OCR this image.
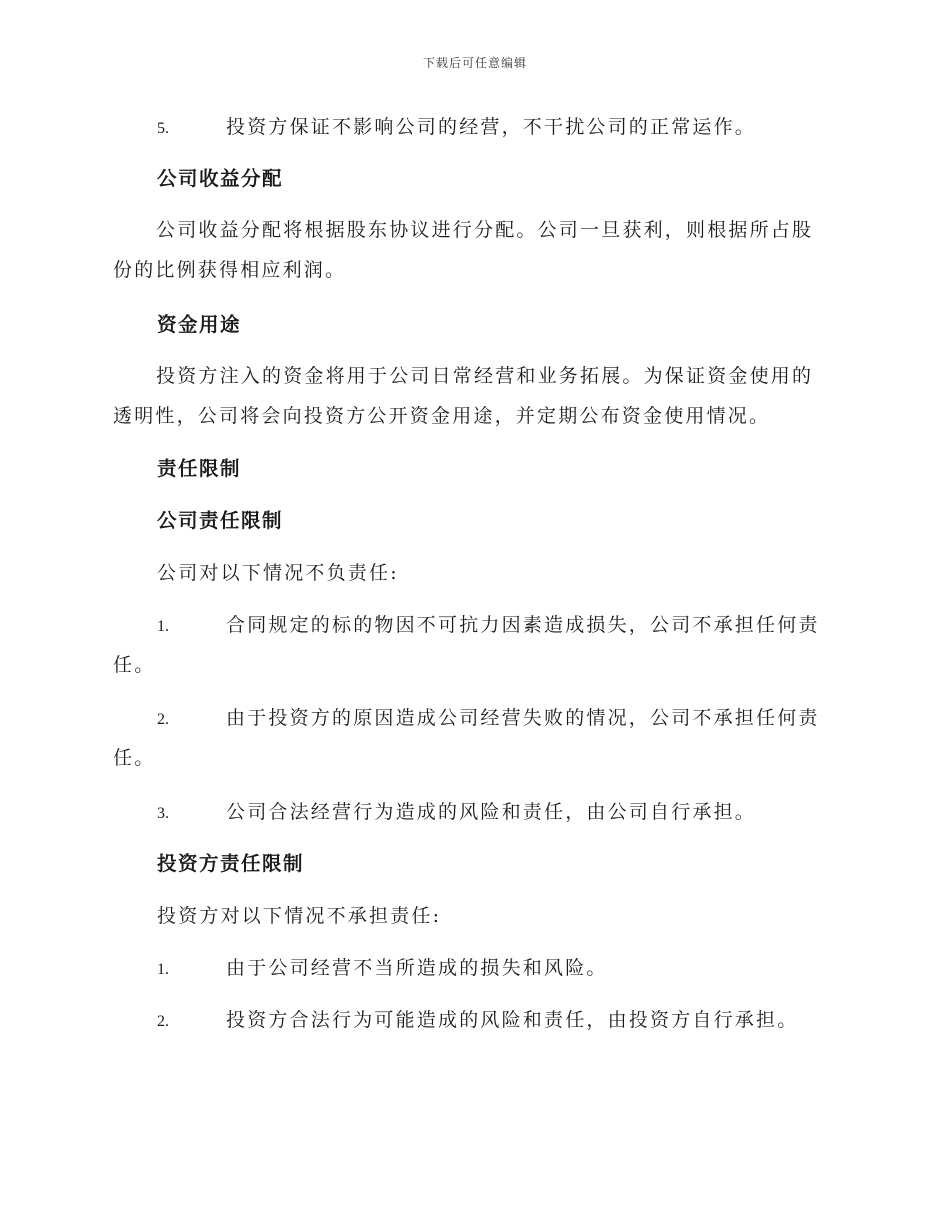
下载后可任意编辑
5.	投资方保证不影响公司的经营，不干扰公司的正常运作。
公司收益分配
公司收益分配将根据股东协议进行分配。公司一旦获利，则根据所占股份的比例获得相应利润。
资金用途
投资方注入的资金将用于公司日常经营和业务拓展。为保证资金使用的透明性，公司将会向投资方公开资金用途，并定期公布资金使用情况。
责任限制
公司责任限制
公司对以下情况不负责任:
1.	合同规定的标的物因不可抗力因素造成损失，公司不承担任何责任。
2.	由于投资方的原因造成公司经营失败的情况，公司不承担任何责任。
3.	公司合法经营行为造成的风险和责任，由公司自行承担。
投资方责任限制
投资方对以下情况不承担责任:
1.	由于公司经营不当所造成的损失和风险。
2.	投资方合法行为可能造成的风险和责任，由投资方自行承担。
